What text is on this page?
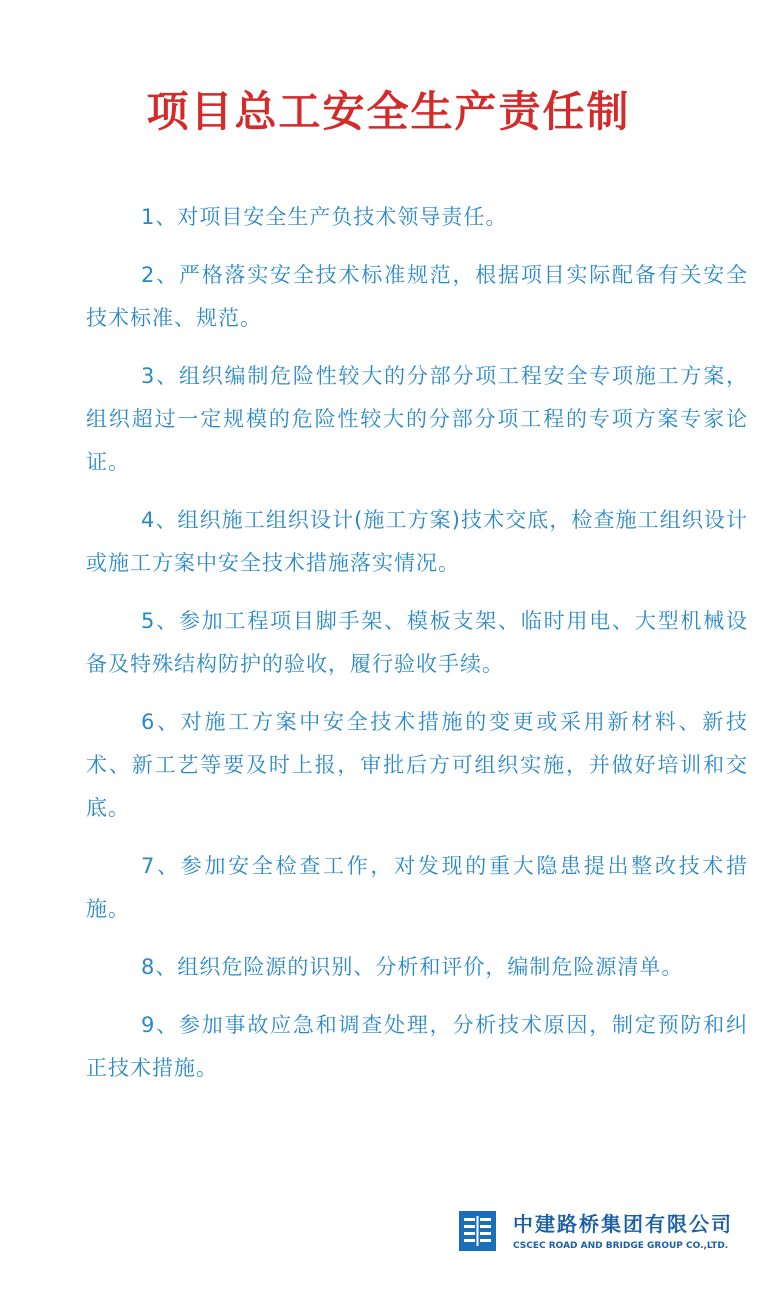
项目总工安全生产责任制

1、对项目安全生产负技术领导责任。

2、严格落实安全技术标准规范，根据项目实际配备有关安全技术标准、规范。

3、组织编制危险性较大的分部分项工程安全专项施工方案，组织超过一定规模的危险性较大的分部分项工程的专项方案专家论证。

4、组织施工组织设计(施工方案)技术交底，检查施工组织设计或施工方案中安全技术措施落实情况。

5、参加工程项目脚手架、模板支架、临时用电、大型机械设备及特殊结构防护的验收，履行验收手续。

6、对施工方案中安全技术措施的变更或采用新材料、新技术、新工艺等要及时上报，审批后方可组织实施，并做好培训和交底。

7、参加安全检查工作，对发现的重大隐患提出整改技术措施。

8、组织危险源的识别、分析和评价，编制危险源清单。

9、参加事故应急和调查处理，分析技术原因，制定预防和纠正技术措施。

中建路桥集团有限公司
CSCEC ROAD AND BRIDGE GROUP CO.,LTD.
